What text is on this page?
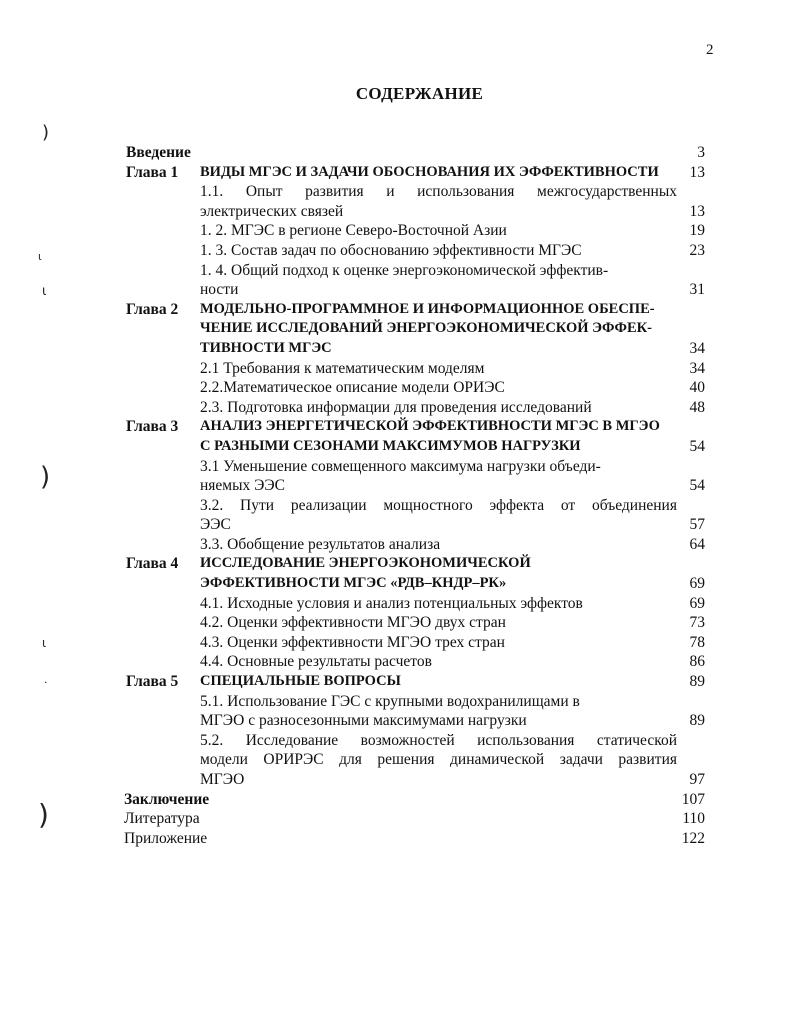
2
СОДЕРЖАНИЕ
)
ι
ι
)
ι
·
)
Введение	3
Глава 1 ВИДЫ МГЭС И ЗАДАЧИ ОБОСНОВАНИЯ ИХ ЭФФЕКТИВНОСТИ	13
1.1. Опыт развития и использования межгосударственных
электрических связей	13
1. 2. МГЭС в регионе Северо-Восточной Азии	19
1. 3. Состав задач по обоснованию эффективности МГЭС	23
1. 4. Общий подход к оценке энергоэкономической эффектив-
ности	31
Глава 2 МОДЕЛЬНО-ПРОГРАММНОЕ И ИНФОРМАЦИОННОЕ ОБЕСПЕ-
ЧЕНИЕ ИССЛЕДОВАНИЙ ЭНЕРГОЭКОНОМИЧЕСКОЙ ЭФФЕК-
ТИВНОСТИ МГЭС	34
2.1 Требования к математическим моделям	34
2.2.Математическое описание модели ОРИЭС	40
2.3. Подготовка информации для проведения исследований	48
Глава 3 АНАЛИЗ ЭНЕРГЕТИЧЕСКОЙ ЭФФЕКТИВНОСТИ МГЭС В МГЭО
С РАЗНЫМИ СЕЗОНАМИ МАКСИМУМОВ НАГРУЗКИ	54
3.1 Уменьшение совмещенного максимума нагрузки объеди-
няемых ЭЭС	54
3.2. Пути реализации мощностного эффекта от объединения
ЭЭС	57
3.3. Обобщение результатов анализа	64
Глава 4 ИССЛЕДОВАНИЕ ЭНЕРГОЭКОНОМИЧЕСКОЙ
ЭФФЕКТИВНОСТИ МГЭС «РДВ–КНДР–РК»	69
4.1. Исходные условия и анализ потенциальных эффектов	69
4.2. Оценки эффективности МГЭО двух стран	73
4.3. Оценки эффективности МГЭО трех стран	78
4.4. Основные результаты расчетов	86
Глава 5 СПЕЦИАЛЬНЫЕ ВОПРОСЫ	89
5.1. Использование ГЭС с крупными водохранилищами в
МГЭО с разносезонными максимумами нагрузки	89
5.2. Исследование возможностей использования статической
модели ОРИРЭС для решения динамической задачи развития
МГЭО	97
Заключение	107
Литература	110
Приложение	122
